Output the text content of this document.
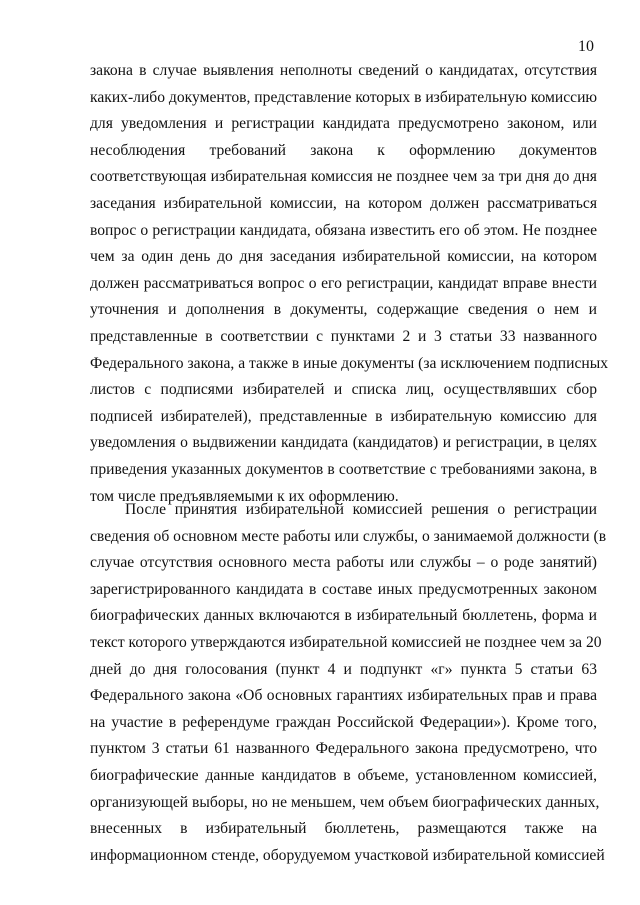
10
закона в случае выявления неполноты сведений о кандидатах, отсутствия
каких-либо документов, представление которых в избирательную комиссию
для уведомления и регистрации кандидата предусмотрено законом, или
несоблюдения требований закона к оформлению документов
соответствующая избирательная комиссия не позднее чем за три дня до дня
заседания избирательной комиссии, на котором должен рассматриваться
вопрос о регистрации кандидата, обязана известить его об этом. Не позднее
чем за один день до дня заседания избирательной комиссии, на котором
должен рассматриваться вопрос о его регистрации, кандидат вправе внести
уточнения и дополнения в документы, содержащие сведения о нем и
представленные в соответствии с пунктами 2 и 3 статьи 33 названного
Федерального закона, а также в иные документы (за исключением подписных
листов с подписями избирателей и списка лиц, осуществлявших сбор
подписей избирателей), представленные в избирательную комиссию для
уведомления о выдвижении кандидата (кандидатов) и регистрации, в целях
приведения указанных документов в соответствие с требованиями закона, в
том числе предъявляемыми к их оформлению.
После принятия избирательной комиссией решения о регистрации
сведения об основном месте работы или службы, о занимаемой должности (в
случае отсутствия основного места работы или службы – о роде занятий)
зарегистрированного кандидата в составе иных предусмотренных законом
биографических данных включаются в избирательный бюллетень, форма и
текст которого утверждаются избирательной комиссией не позднее чем за 20
дней до дня голосования (пункт 4 и подпункт «г» пункта 5 статьи 63
Федерального закона «Об основных гарантиях избирательных прав и права
на участие в референдуме граждан Российской Федерации»). Кроме того,
пунктом 3 статьи 61 названного Федерального закона предусмотрено, что
биографические данные кандидатов в объеме, установленном комиссией,
организующей выборы, но не меньшем, чем объем биографических данных,
внесенных в избирательный бюллетень, размещаются также на
информационном стенде, оборудуемом участковой избирательной комиссией
